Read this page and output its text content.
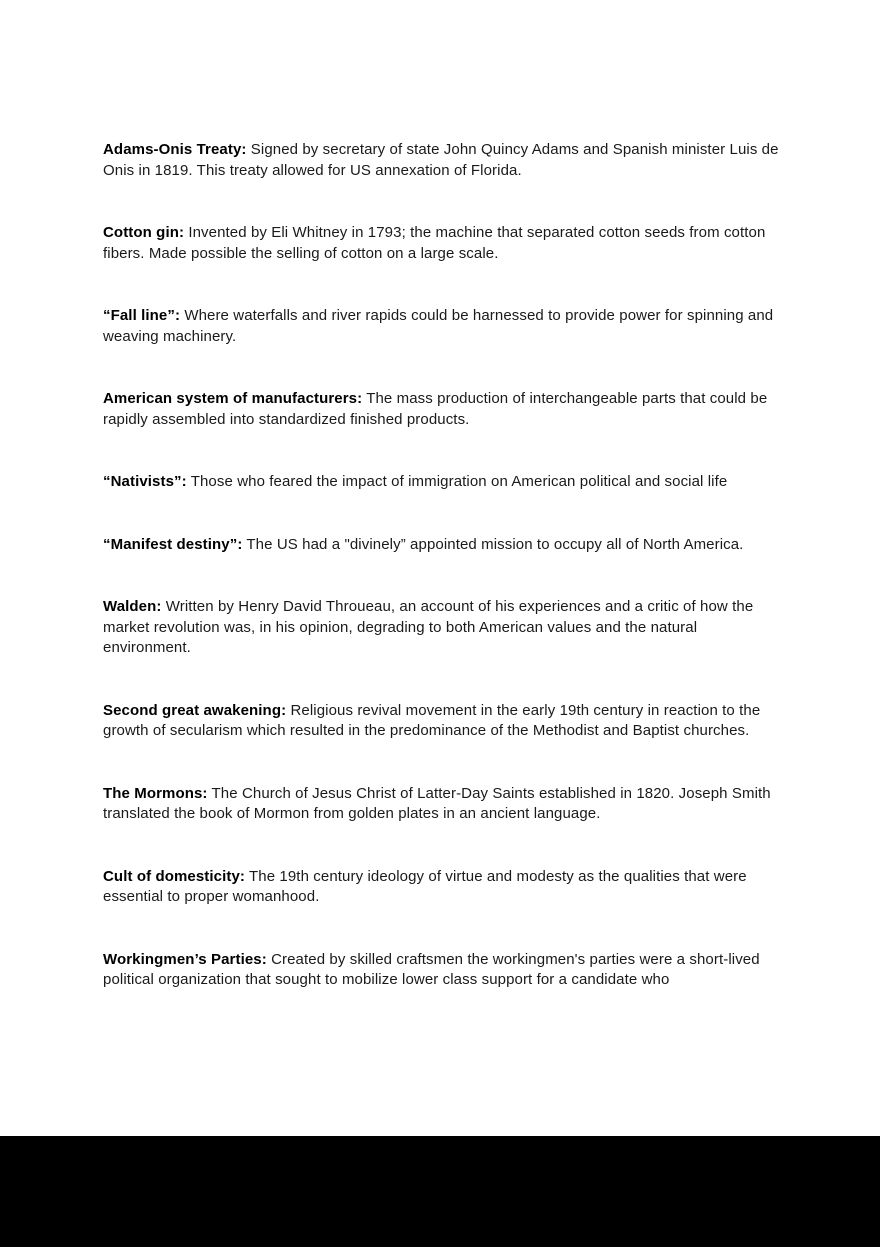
Adams-Onis Treaty: Signed by secretary of state John Quincy Adams and Spanish minister Luis de Onis in 1819. This treaty allowed for US annexation of Florida.
Cotton gin: Invented by Eli Whitney in 1793; the machine that separated cotton seeds from cotton fibers. Made possible the selling of cotton on a large scale.
“Fall line”: Where waterfalls and river rapids could be harnessed to provide power for spinning and weaving machinery.
American system of manufacturers: The mass production of interchangeable parts that could be rapidly assembled into standardized finished products.
“Nativists”: Those who feared the impact of immigration on American political and social life
“Manifest destiny”: The US had a "divinely” appointed mission to occupy all of North America.
Walden: Written by Henry David Throueau, an account of his experiences and a critic of how the market revolution was, in his opinion, degrading to both American values and the natural environment.
Second great awakening: Religious revival movement in the early 19th century in reaction to the growth of secularism which resulted in the predominance of the Methodist and Baptist churches.
The Mormons: The Church of Jesus Christ of Latter-Day Saints established in 1820. Joseph Smith translated the book of Mormon from golden plates in an ancient language.
Cult of domesticity: The 19th century ideology of virtue and modesty as the qualities that were essential to proper womanhood.
Workingmen’s Parties: Created by skilled craftsmen the workingmen's parties were a short-lived political organization that sought to mobilize lower class support for a candidate who
